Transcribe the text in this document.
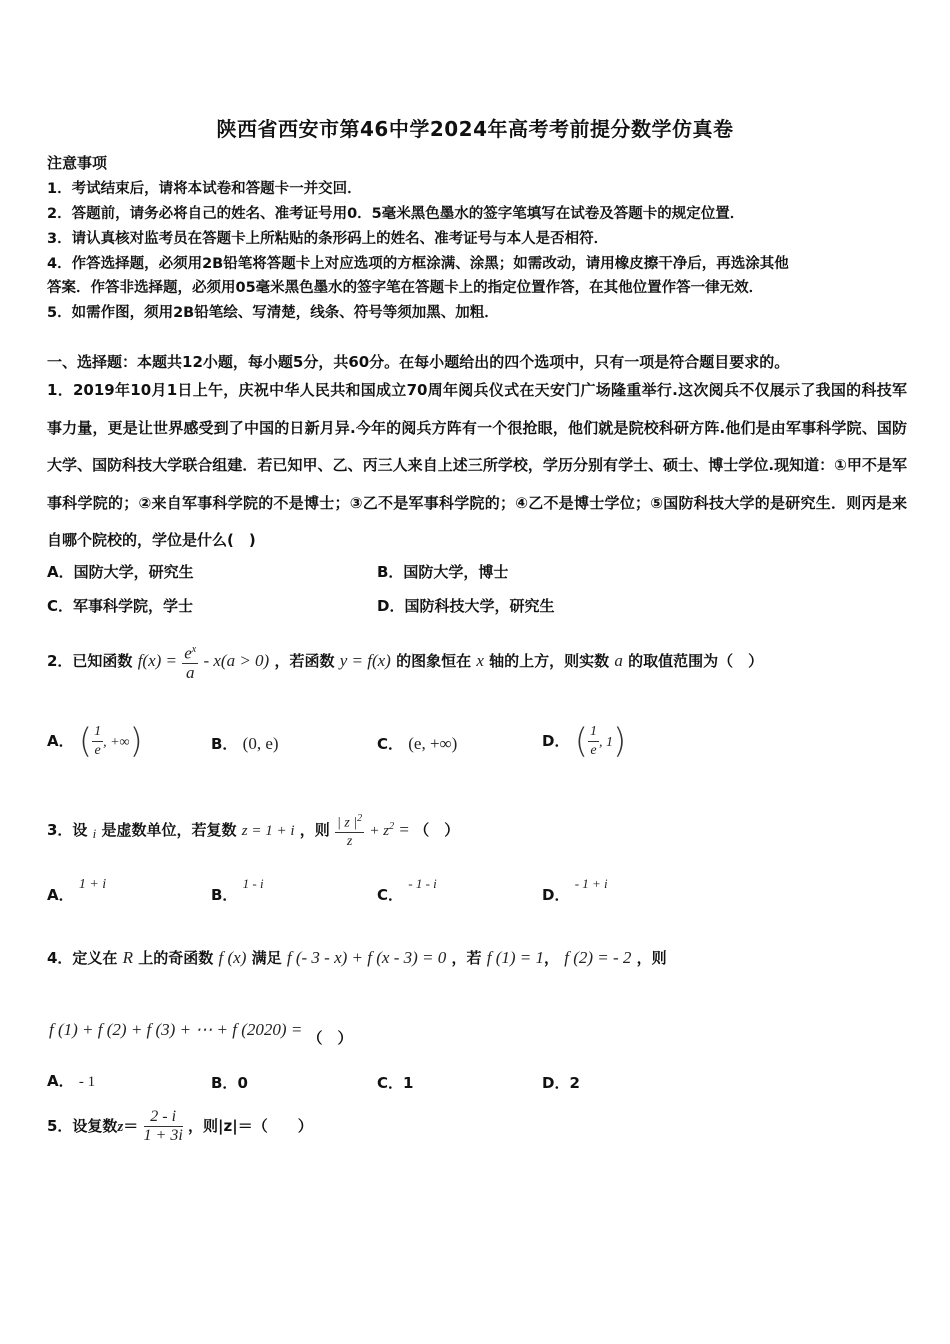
陕西省西安市第46中学2024年高考考前提分数学仿真卷
注意事项
1．考试结束后，请将本试卷和答题卡一并交回．
2．答题前，请务必将自己的姓名、准考证号用0．5毫米黑色墨水的签字笔填写在试卷及答题卡的规定位置．
3．请认真核对监考员在答题卡上所粘贴的条形码上的姓名、准考证号与本人是否相符．
4．作答选择题，必须用2B铅笔将答题卡上对应选项的方框涂满、涂黑；如需改动，请用橡皮擦干净后，再选涂其他
答案．作答非选择题，必须用05毫米黑色墨水的签字笔在答题卡上的指定位置作答，在其他位置作答一律无效．
5．如需作图，须用2B铅笔绘、写清楚，线条、符号等须加黑、加粗．
一、选择题：本题共12小题，每小题5分，共60分。在每小题给出的四个选项中，只有一项是符合题目要求的。
1．2019年10月1日上午，庆祝中华人民共和国成立70周年阅兵仪式在天安门广场隆重举行.这次阅兵不仅展示了我国的科技军事力量，更是让世界感受到了中国的日新月异.今年的阅兵方阵有一个很抢眼，他们就是院校科研方阵.他们是由军事科学院、国防大学、国防科技大学联合组建．若已知甲、乙、丙三人来自上述三所学校，学历分别有学士、硕士、博士学位.现知道：①甲不是军事科学院的；②来自军事科学院的不是博士；③乙不是军事科学院的；④乙不是博士学位；⑤国防科技大学的是研究生．则丙是来自哪个院校的，学位是什么(　)
A．国防大学，研究生	B．国防大学，博士
C．军事科学院，学士	D．国防科技大学，研究生
2．已知函数 $f(x) = \frac{e^x}{a} - x(a > 0)$ ，若函数 y = f(x) 的图象恒在 x 轴的上方，则实数 a 的取值范围为（　）
A． ( $\frac{1}{e}$ , +∞)	B． (0, e)	C． (e, +∞)	D． ( $\frac{1}{e}$ , 1)
3．设 i 是虚数单位，若复数 z = 1 + i ，则 $\frac{| z |^2}{z} + z^2$ = （　）
A． 1 + i
B． 1 - i
C． - 1 - i
D． - 1 + i
4．定义在 R 上的奇函数 f (x) 满足 f (- 3 - x) + f (x - 3) = 0 ，若 f (1) = 1， f (2) = - 2 ，则
f (1) + f (2) + f (3) + ⋯ + f (2020) = （　）
A． - 1	B．0	C．1	D．2
5．设复数$z= \frac{2 - i}{1 + 3i}$ ，则|z|＝（　　）
